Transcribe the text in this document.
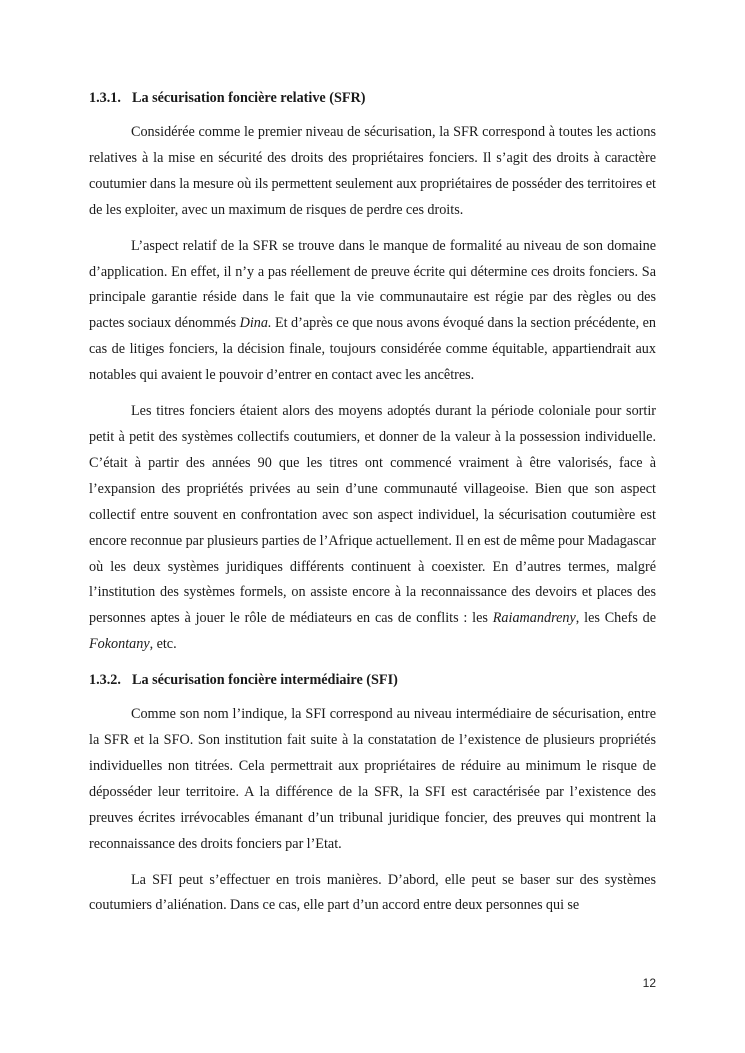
1.3.1. La sécurisation foncière relative (SFR)

Considérée comme le premier niveau de sécurisation, la SFR correspond à toutes les actions relatives à la mise en sécurité des droits des propriétaires fonciers. Il s’agit des droits à caractère coutumier dans la mesure où ils permettent seulement aux propriétaires de posséder des territoires et de les exploiter, avec un maximum de risques de perdre ces droits.

L’aspect relatif de la SFR se trouve dans le manque de formalité au niveau de son domaine d’application. En effet, il n’y a pas réellement de preuve écrite qui détermine ces droits fonciers. Sa principale garantie réside dans le fait que la vie communautaire est régie par des règles ou des pactes sociaux dénommés Dina. Et d’après ce que nous avons évoqué dans la section précédente, en cas de litiges fonciers, la décision finale, toujours considérée comme équitable, appartiendrait aux notables qui avaient le pouvoir d’entrer en contact avec les ancêtres.

Les titres fonciers étaient alors des moyens adoptés durant la période coloniale pour sortir petit à petit des systèmes collectifs coutumiers, et donner de la valeur à la possession individuelle. C’était à partir des années 90 que les titres ont commencé vraiment à être valorisés, face à l’expansion des propriétés privées au sein d’une communauté villageoise. Bien que son aspect collectif entre souvent en confrontation avec son aspect individuel, la sécurisation coutumière est encore reconnue par plusieurs parties de l’Afrique actuellement. Il en est de même pour Madagascar où les deux systèmes juridiques différents continuent à coexister. En d’autres termes, malgré l’institution des systèmes formels, on assiste encore à la reconnaissance des devoirs et places des personnes aptes à jouer le rôle de médiateurs en cas de conflits : les Raiamandreny, les Chefs de Fokontany, etc.

1.3.2. La sécurisation foncière intermédiaire (SFI)

Comme son nom l’indique, la SFI correspond au niveau intermédiaire de sécurisation, entre la SFR et la SFO. Son institution fait suite à la constatation de l’existence de plusieurs propriétés individuelles non titrées. Cela permettrait aux propriétaires de réduire au minimum le risque de déposséder leur territoire. A la différence de la SFR, la SFI est caractérisée par l’existence des preuves écrites irrévocables émanant d’un tribunal juridique foncier, des preuves qui montrent la reconnaissance des droits fonciers par l’Etat.

La SFI peut s’effectuer en trois manières. D’abord, elle peut se baser sur des systèmes coutumiers d’aliénation. Dans ce cas, elle part d’un accord entre deux personnes qui se

12
